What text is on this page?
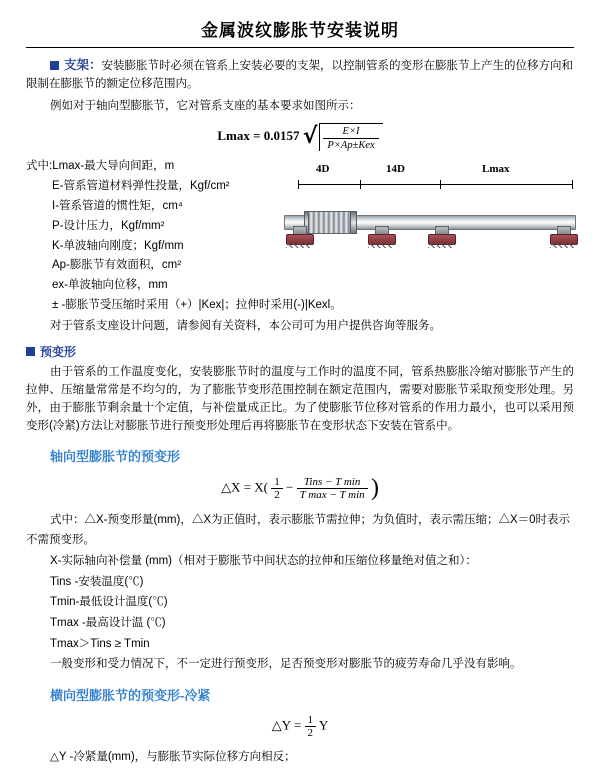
金属波纹膨胀节安装说明
支架：安装膨胀节时必须在管系上安装必要的支架，以控制管系的变形在膨胀节上产生的位移方向和限制在膨胀节的额定位移范围内。

例如对于轴向型膨胀节，它对管系支座的基本要求如图所示：

Lmax = 0.0157 √ $\frac{E\times I}{\text{P×Ap±Kex}}$
式中:Lmax-最大导向间距，m
E-管系管道材料弹性投量，Kgf/cm²
I-管系管道的惯性矩，cm⁴
P-设计压力，Kgf/mm²
K-单波轴向刚度；Kgf/mm
Ap-膨胀节有效面积，cm²
ex-单波轴向位移，mm
± -膨胀节受压缩时采用（+）|Kex|；拉伸时采用(-)|Kexl。
4D	14D	Lmax

对于管系支座设计问题，请参阅有关资料，本公司可为用户提供咨询等服务。

预变形

由于管系的工作温度变化，安装膨胀节时的温度与工作时的温度不同，管系热膨胀冷缩对膨胀节产生的拉伸、压缩量常常是不均匀的，为了膨胀节变形范围控制在额定范围内，需要对膨胀节采取预变形处理。另外，由于膨胀节剩余量十个定值，与补偿量成正比。为了使膨胀节位移对管系的作用力最小，也可以采用预变形(冷紧)方法让对膨胀节进行预变形处理后再将膨胀节在变形状态下安装在管系中。

轴向型膨胀节的预变形
△X = $X( \frac{1}{2} - \frac{\text{Tins − T min}}{\text{T max − T min}}$ )
式中：△X-预变形量(mm)，△X为正值时，表示膨胀节需拉伸；为负值时，表示需压缩；△X＝0时表示不需预变形。
X-实际轴向补偿量 (mm)（相对于膨胀节中间状态的拉伸和压缩位移量绝对值之和）：
Tins -安装温度(℃)
Tmin-最低设计温度(℃)
Tmax -最高设计温 (℃)
Tmax＞Tins ≥ Tmin
一般变形和受力情况下，不一定进行预变形，足否预变形对膨胀节的疲劳寿命几乎没有影响。
横向型膨胀节的预变形-冷紧
△Y = $\frac{1}{2}$ Y
△Y -冷紧量(mm)，与膨胀节实际位移方向相反；
